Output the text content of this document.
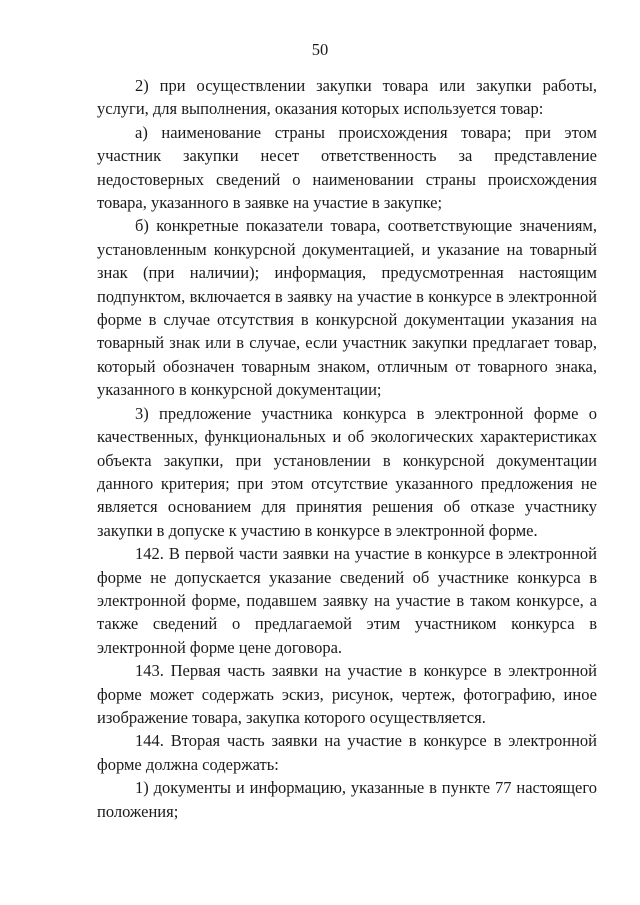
50

2) при осуществлении закупки товара или закупки работы, услуги, для выполнения, оказания которых используется товар:

а) наименование страны происхождения товара; при этом участник закупки несет ответственность за представление недостоверных сведений о наименовании страны происхождения товара, указанного в заявке на участие в закупке;

б) конкретные показатели товара, соответствующие значениям, установленным конкурсной документацией, и указание на товарный знак (при наличии); информация, предусмотренная настоящим подпунктом, включается в заявку на участие в конкурсе в электронной форме в случае отсутствия в конкурсной документации указания на товарный знак или в случае, если участник закупки предлагает товар, который обозначен товарным знаком, отличным от товарного знака, указанного в конкурсной документации;

3) предложение участника конкурса в электронной форме о качественных, функциональных и об экологических характеристиках объекта закупки, при установлении в конкурсной документации данного критерия; при этом отсутствие указанного предложения не является основанием для принятия решения об отказе участнику закупки в допуске к участию в конкурсе в электронной форме.

142. В первой части заявки на участие в конкурсе в электронной форме не допускается указание сведений об участнике конкурса в электронной форме, подавшем заявку на участие в таком конкурсе, а также сведений о предлагаемой этим участником конкурса в электронной форме цене договора.

143. Первая часть заявки на участие в конкурсе в электронной форме может содержать эскиз, рисунок, чертеж, фотографию, иное изображение товара, закупка которого осуществляется.

144. Вторая часть заявки на участие в конкурсе в электронной форме должна содержать:

1) документы и информацию, указанные в пункте 77 настоящего положения;
